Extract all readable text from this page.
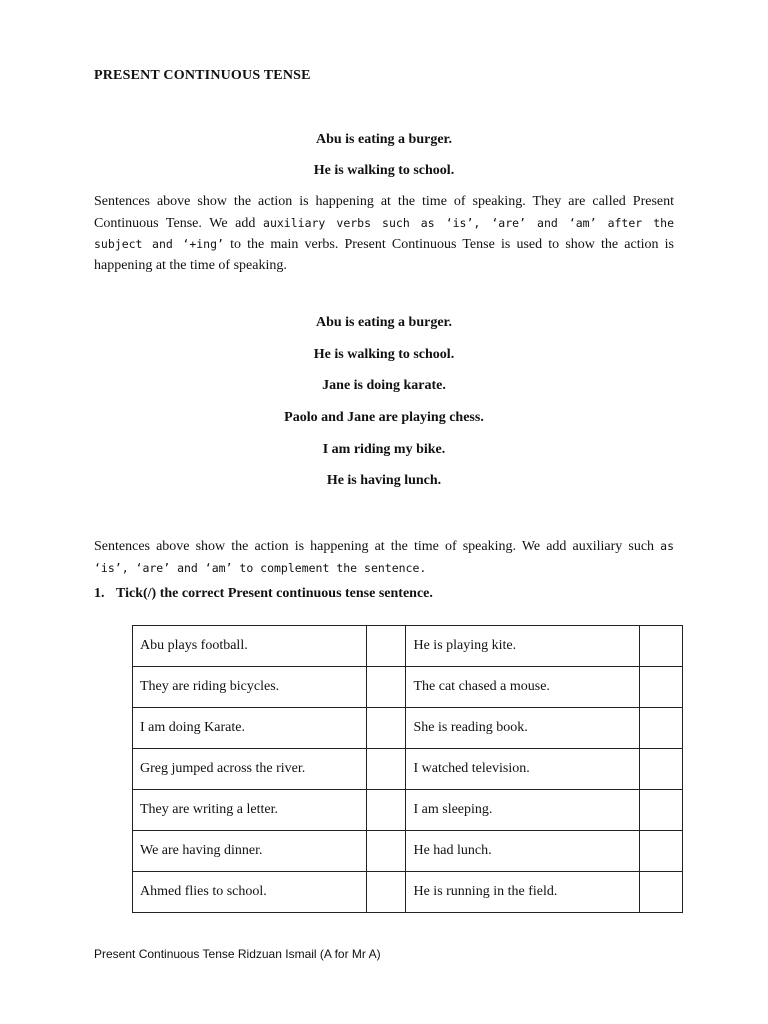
PRESENT CONTINUOUS TENSE
Abu is eating a burger.
He is walking to school.
Sentences above show the action is happening at the time of speaking. They are called Present Continuous Tense. We add auxiliary verbs such as ‘is’, ‘are’ and ‘am’ after the subject and ‘+ing’ to the main verbs. Present Continuous Tense is used to show the action is happening at the time of speaking.
Abu is eating a burger.
He is walking to school.
Jane is doing karate.
Paolo and Jane are playing chess.
I am riding my bike.
He is having lunch.
Sentences above show the action is happening at the time of speaking. We add auxiliary such as ‘is’, ‘are’ and ‘am’ to complement the sentence.
1. Tick(/) the correct Present continuous tense sentence.
Abu plays football.		He is playing kite.	
They are riding bicycles.		The cat chased a mouse.	
I am doing Karate.		She is reading book.	
Greg jumped across the river.		I watched television.	
They are writing a letter.		I am sleeping.	
We are having dinner.		He had lunch.	
Ahmed flies to school.		He is running in the field.	
Present Continuous Tense Ridzuan Ismail (A for Mr A)
